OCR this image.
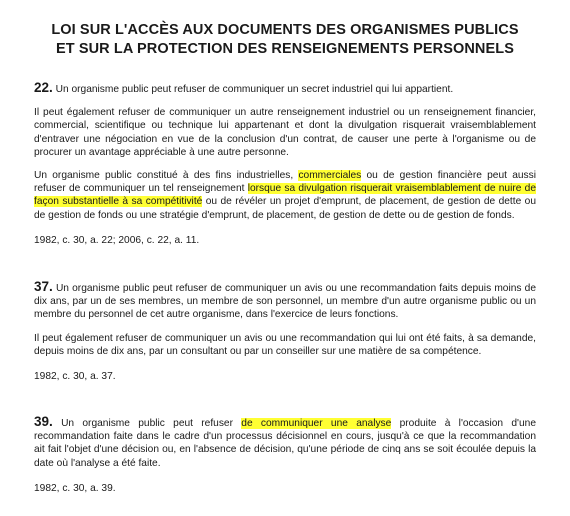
LOI SUR L'ACCÈS AUX DOCUMENTS DES ORGANISMES PUBLICS
ET SUR LA PROTECTION DES RENSEIGNEMENTS PERSONNELS

22. Un organisme public peut refuser de communiquer un secret industriel qui lui appartient.

Il peut également refuser de communiquer un autre renseignement industriel ou un renseignement financier, commercial, scientifique ou technique lui appartenant et dont la divulgation risquerait vraisemblablement d'entraver une négociation en vue de la conclusion d'un contrat, de causer une perte à l'organisme ou de procurer un avantage appréciable à une autre personne.

Un organisme public constitué à des fins industrielles, commerciales ou de gestion financière peut aussi refuser de communiquer un tel renseignement lorsque sa divulgation risquerait vraisemblablement de nuire de façon substantielle à sa compétitivité ou de révéler un projet d'emprunt, de placement, de gestion de dette ou de gestion de fonds ou une stratégie d'emprunt, de placement, de gestion de dette ou de gestion de fonds.

1982, c. 30, a. 22; 2006, c. 22, a. 11.

37. Un organisme public peut refuser de communiquer un avis ou une recommandation faits depuis moins de dix ans, par un de ses membres, un membre de son personnel, un membre d'un autre organisme public ou un membre du personnel de cet autre organisme, dans l'exercice de leurs fonctions.

Il peut également refuser de communiquer un avis ou une recommandation qui lui ont été faits, à sa demande, depuis moins de dix ans, par un consultant ou par un conseiller sur une matière de sa compétence.

1982, c. 30, a. 37.

39. Un organisme public peut refuser de communiquer une analyse produite à l'occasion d'une recommandation faite dans le cadre d'un processus décisionnel en cours, jusqu'à ce que la recommandation ait fait l'objet d'une décision ou, en l'absence de décision, qu'une période de cinq ans se soit écoulée depuis la date où l'analyse a été faite.

1982, c. 30, a. 39.
